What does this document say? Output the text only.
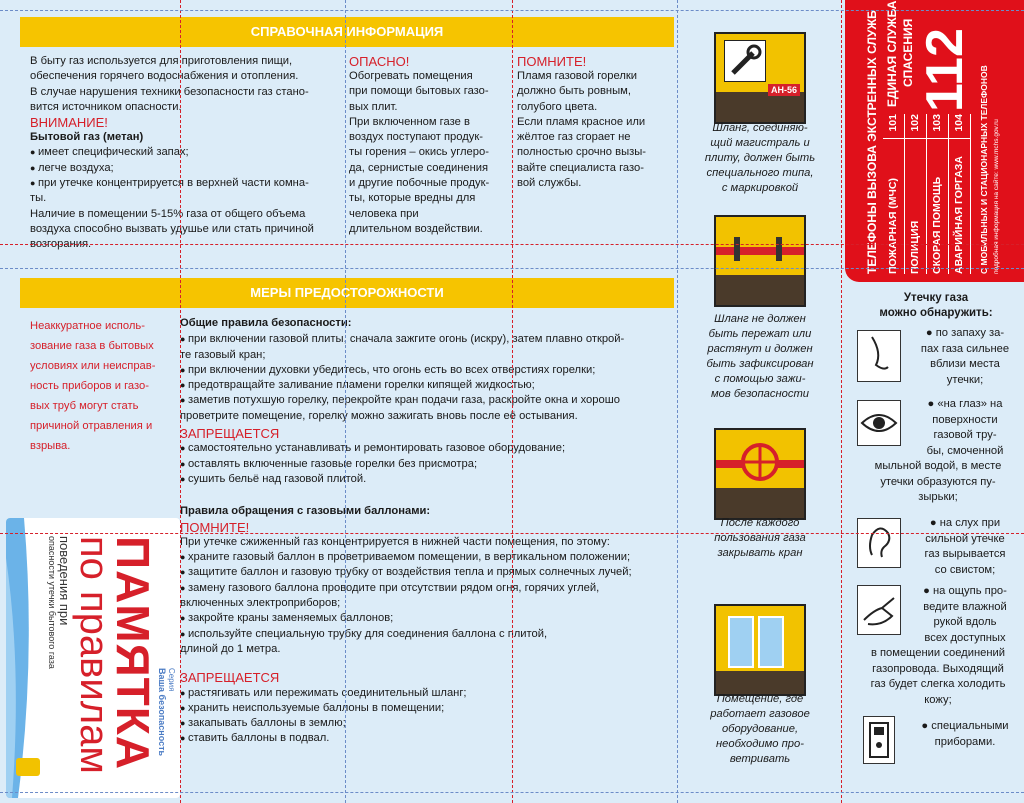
СПРАВОЧНАЯ ИНФОРМАЦИЯ
В быту газ используется для приготовления пищи,
обеспечения горячего водоснабжения и отопления.
В случае нарушения техники безопасности газ стано-
вится источником опасности.
ВНИМАНИЕ!
Бытовой газ (метан)
● имеет специфический запах;
● легче воздуха;
● при утечке концентрируется в верхней части комна-
ты.
Наличие в помещении 5-15% газа от общего объема
воздуха способно вызвать удушье или стать причиной
возгорания.
ОПАСНО!
Обогревать помещения
при помощи бытовых газо-
вых плит.
При включенном газе в
воздух поступают продук-
ты горения – окись углеро-
да, сернистые соединения
и другие побочные продук-
ты, которые вредны для
человека при
длительном воздействии.
ПОМНИТЕ!
Пламя газовой горелки
должно быть ровным,
голубого цвета.
Если пламя красное или
жёлтое газ сгорает не
полностью срочно вызы-
вайте специалиста газо-
вой службы.
МЕРЫ ПРЕДОСТОРОЖНОСТИ
Неаккуратное исполь-
зование газа в бытовых
условиях или неисправ-
ность приборов и газо-
вых труб могут стать
причиной отравления и
взрыва.
Общие правила безопасности:
● при включении газовой плиты, сначала зажгите огонь (искру), затем плавно открой-
те газовый кран;
● при включении духовки убедитесь, что огонь есть во всех отверстиях горелки;
● предотвращайте заливание пламени горелки кипящей жидкостью;
● заметив потухшую горелку, перекройте кран подачи газа, раскройте окна и хорошо
проветрите помещение, горелку можно зажигать вновь после её остывания.
ЗАПРЕЩАЕТСЯ
● самостоятельно устанавливать и ремонтировать газовое оборудование;
● оставлять включенные газовые горелки без присмотра;
● сушить бельё над газовой плитой.
Правила обращения с газовыми баллонами:
ПОМНИТЕ!
При утечке сжиженный газ концентрируется в нижней части помещения, по этому:
● храните газовый баллон в проветриваемом помещении, в вертикальном положении;
● защитите баллон и газовую трубку от воздействия тепла и прямых солнечных лучей;
● замену газового баллона проводите при отсутствии рядом огня, горячих углей,
включенных электроприборов;
● закройте краны заменяемых баллонов;
● используйте специальную трубку для соединения баллона с плитой,
длиной до 1 метра.
ЗАПРЕЩАЕТСЯ
● растягивать или пережимать соединительный шланг;
● хранить неиспользуемые баллоны в помещении;
● закапывать баллоны в землю;
● ставить баллоны в подвал.
ПАМЯТКА
по правилам
поведения при
опасности утечки бытового газа
Серия
Ваша безопасность
АН-56
Шланг, соединяю-
щий магистраль и
плиту, должен быть
специального типа,
с маркировкой
Шланг не должен
быть пережат или
растянут и должен
быть зафиксирован
с помощью зажи-
мов безопасности
После каждого
пользования газа
закрывать кран
Помещение, где
работает газовое
оборудование,
необходимо про-
ветривать
ТЕЛЕФОНЫ ВЫЗОВА ЭКСТРЕННЫХ СЛУЖБ ПОЖАРНАЯ (МЧС)
101
ПОЛИЦИЯ
102
СКОРАЯ ПОМОЩЬ
103
АВАРИЙНАЯ ГОРГАЗА
104
ЕДИНАЯ СЛУЖБА СПАСЕНИЯ 112 С МОБИЛЬНЫХ И СТАЦИОНАРНЫХ ТЕЛЕФОНОВ подробная информация на сайте: www.mchs.gov.ru
Утечку газа
можно обнаружить:
● по запаху за-
пах газа сильнее
вблизи места
утечки;
● «на глаз» на
поверхности
газовой тру-
бы, смоченной
мыльной водой, в месте
утечки образуются пу-
зырьки;
● на слух при
сильной утечке
газ вырывается
со свистом;
● на ощупь про-
ведите влажной
рукой вдоль
всех доступных
в помещении соединений
газопровода. Выходящий
газ будет слегка холодить
кожу;
● специальными
приборами.
